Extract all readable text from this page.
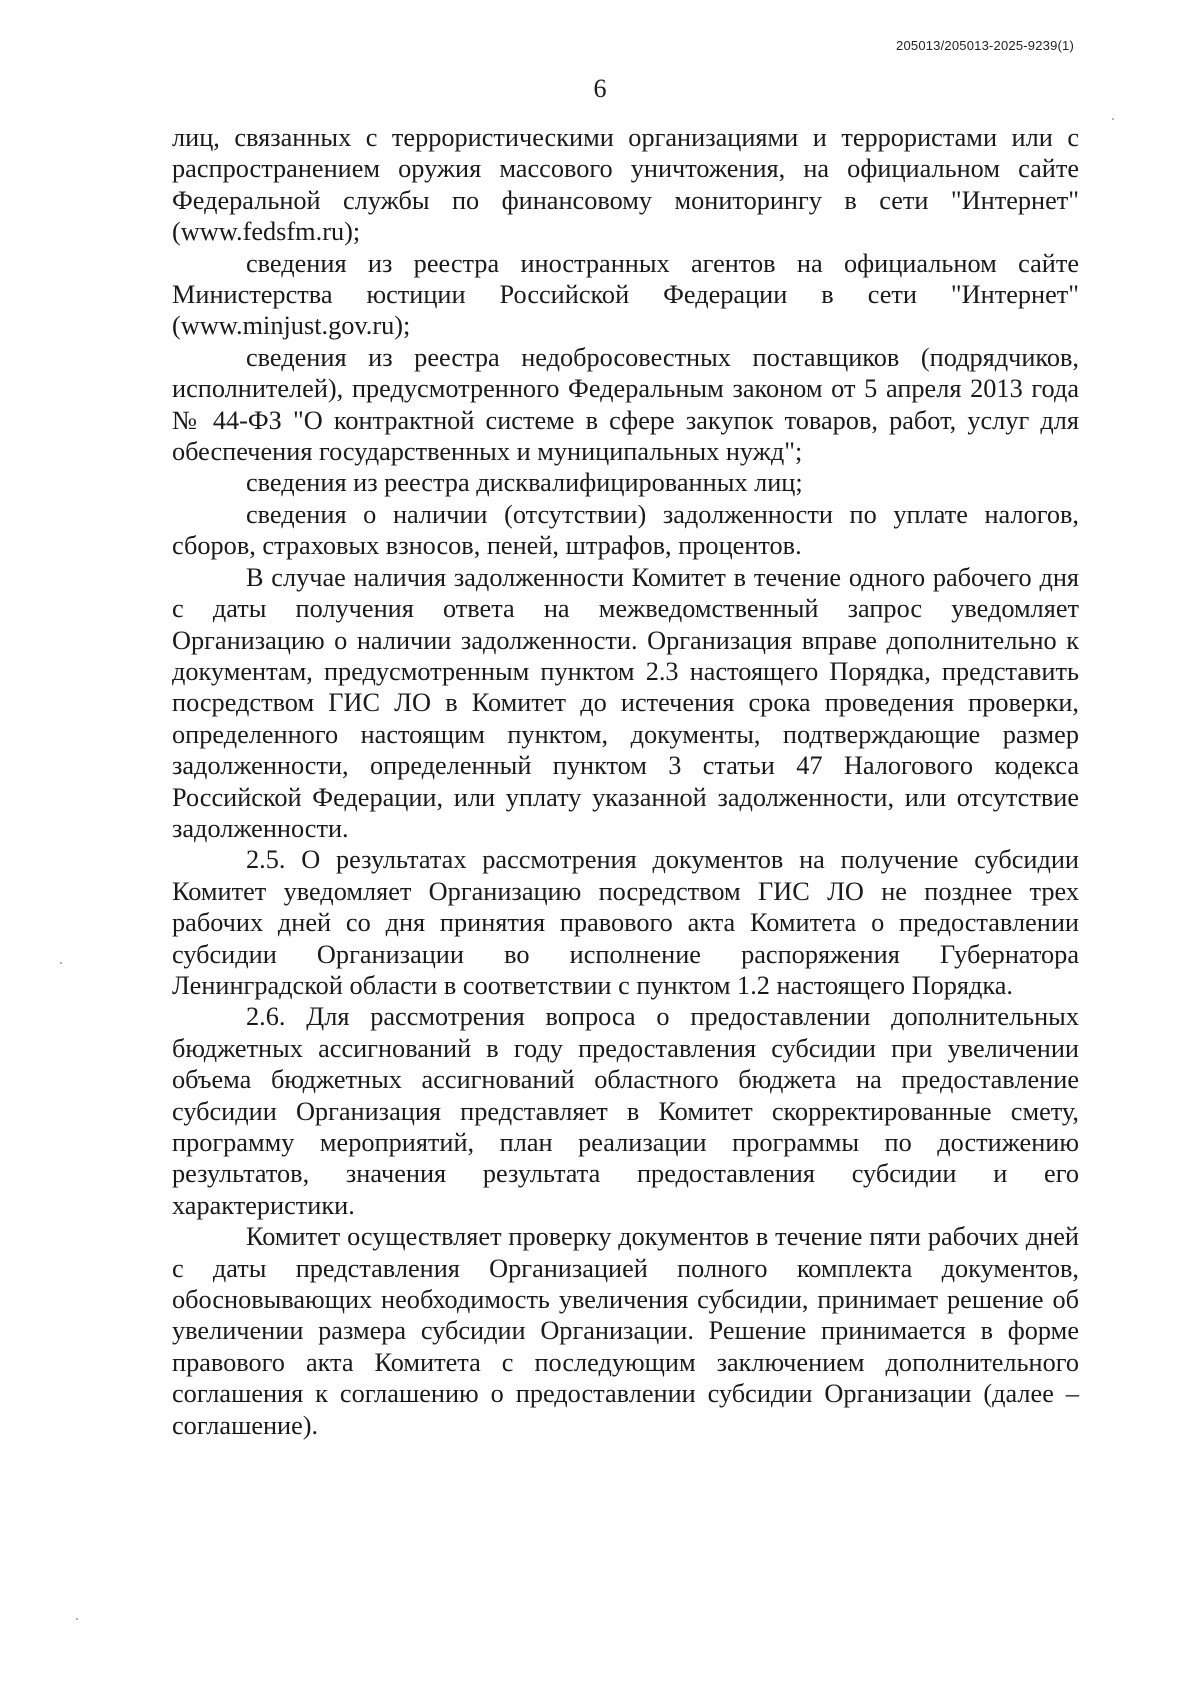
205013/205013-2025-9239(1)
6

лиц, связанных с террористическими организациями и террористами или с распространением оружия массового уничтожения, на официальном сайте Федеральной службы по финансовому мониторингу в сети "Интернет" (www.fedsfm.ru);

сведения из реестра иностранных агентов на официальном сайте Министерства юстиции Российской Федерации в сети "Интернет" (www.minjust.gov.ru);

сведения из реестра недобросовестных поставщиков (подрядчиков, исполнителей), предусмотренного Федеральным законом от 5 апреля 2013 года № 44-ФЗ "О контрактной системе в сфере закупок товаров, работ, услуг для обеспечения государственных и муниципальных нужд";

сведения из реестра дисквалифицированных лиц;

сведения о наличии (отсутствии) задолженности по уплате налогов, сборов, страховых взносов, пеней, штрафов, процентов.

В случае наличия задолженности Комитет в течение одного рабочего дня с даты получения ответа на межведомственный запрос уведомляет Организацию о наличии задолженности. Организация вправе дополнительно к документам, предусмотренным пунктом 2.3 настоящего Порядка, представить посредством ГИС ЛО в Комитет до истечения срока проведения проверки, определенного настоящим пунктом, документы, подтверждающие размер задолженности, определенный пунктом 3 статьи 47 Налогового кодекса Российской Федерации, или уплату указанной задолженности, или отсутствие задолженности.

2.5. О результатах рассмотрения документов на получение субсидии Комитет уведомляет Организацию посредством ГИС ЛО не позднее трех рабочих дней со дня принятия правового акта Комитета о предоставлении субсидии Организации во исполнение распоряжения Губернатора Ленинградской области в соответствии с пунктом 1.2 настоящего Порядка.

2.6. Для рассмотрения вопроса о предоставлении дополнительных бюджетных ассигнований в году предоставления субсидии при увеличении объема бюджетных ассигнований областного бюджета на предоставление субсидии Организация представляет в Комитет скорректированные смету, программу мероприятий, план реализации программы по достижению результатов, значения результата предоставления субсидии и его характеристики.

Комитет осуществляет проверку документов в течение пяти рабочих дней с даты представления Организацией полного комплекта документов, обосновывающих необходимость увеличения субсидии, принимает решение об увеличении размера субсидии Организации. Решение принимается в форме правового акта Комитета с последующим заключением дополнительного соглашения к соглашению о предоставлении субсидии Организации (далее – соглашение).
